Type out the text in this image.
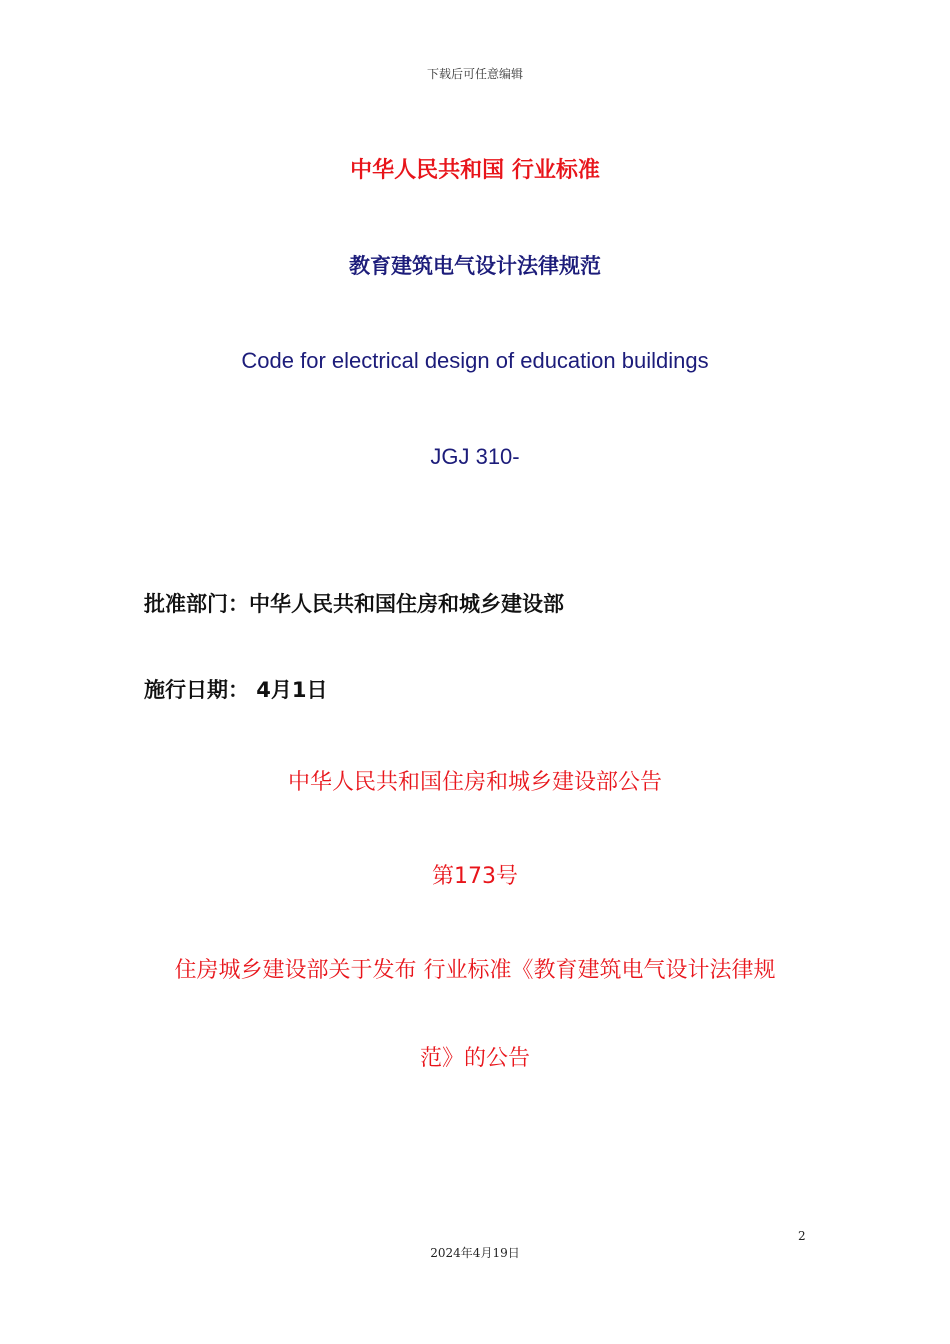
下载后可任意编辑
中华人民共和国 行业标准
教育建筑电气设计法律规范
Code for electrical design of education buildings
JGJ 310-
批准部门：中华人民共和国住房和城乡建设部
施行日期： 4月1日
中华人民共和国住房和城乡建设部公告
第173号
住房城乡建设部关于发布 行业标准《教育建筑电气设计法律规
范》的公告
2
2024年4月19日
